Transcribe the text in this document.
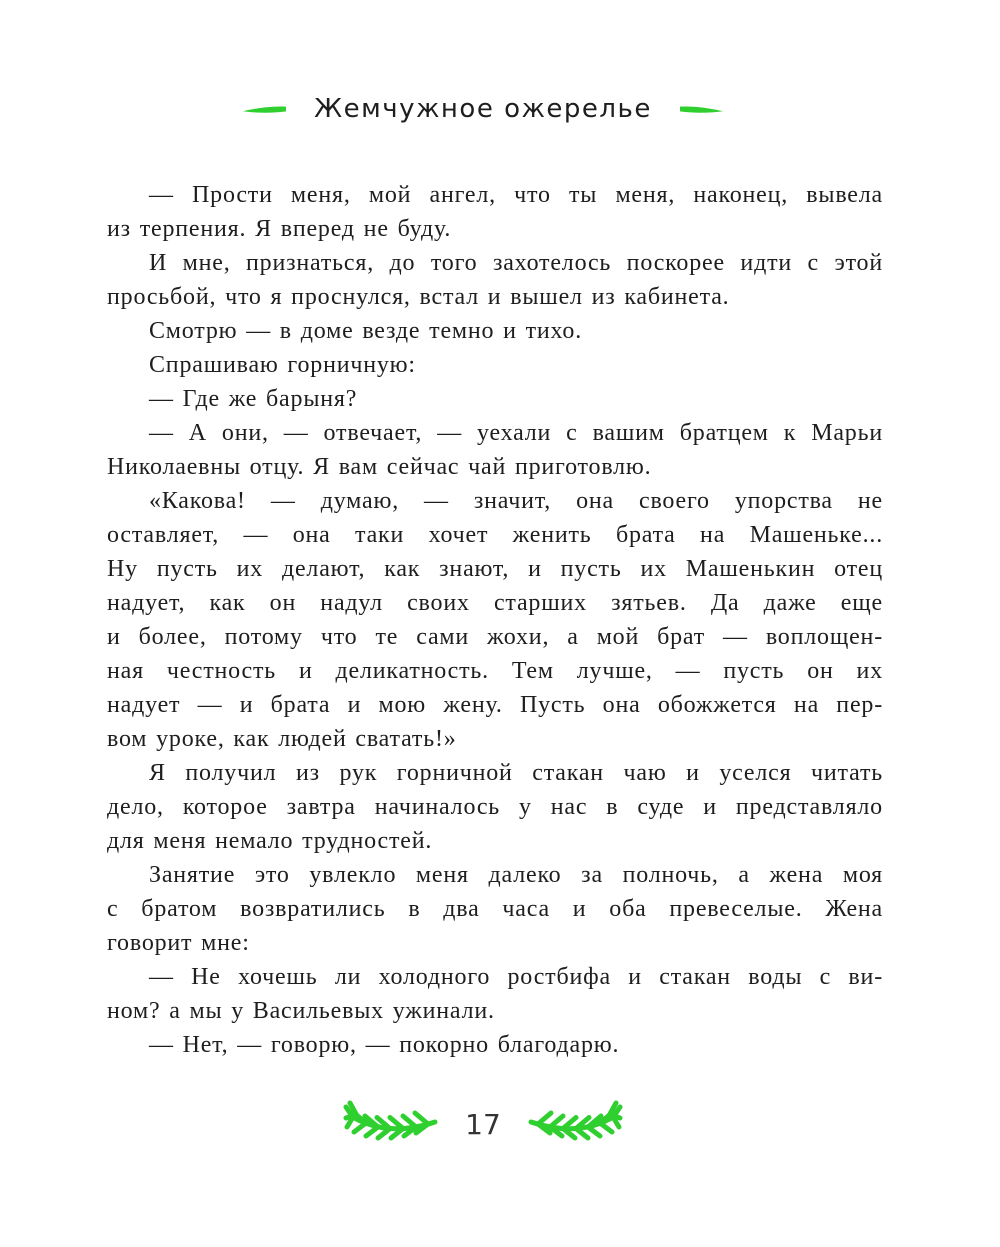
Жемчужное ожерелье

— Прости меня, мой ангел, что ты меня, наконец, вывела
из терпения. Я вперед не буду.

И мне, признаться, до того захотелось поскорее идти с этой
просьбой, что я проснулся, встал и вышел из кабинета.

Смотрю — в доме везде темно и тихо.

Спрашиваю горничную:

— Где же барыня?

— А они, — отвечает, — уехали с вашим братцем к Марьи
Николаевны отцу. Я вам сейчас чай приготовлю.

«Какова! — думаю, — значит, она своего упорства не
оставляет, — она таки хочет женить брата на Машеньке...
Ну пусть их делают, как знают, и пусть их Машенькин отец
надует, как он надул своих старших зятьев. Да даже еще
и более, потому что те сами жохи, а мой брат — воплощен-
ная честность и деликатность. Тем лучше, — пусть он их
надует — и брата и мою жену. Пусть она обожжется на пер-
вом уроке, как людей сватать!»

Я получил из рук горничной стакан чаю и уселся читать
дело, которое завтра начиналось у нас в суде и представляло
для меня немало трудностей.

Занятие это увлекло меня далеко за полночь, а жена моя
с братом возвратились в два часа и оба превеселые. Жена
говорит мне:

— Не хочешь ли холодного ростбифа и стакан воды с ви-
ном? а мы у Васильевых ужинали.

— Нет, — говорю, — покорно благодарю.

17
